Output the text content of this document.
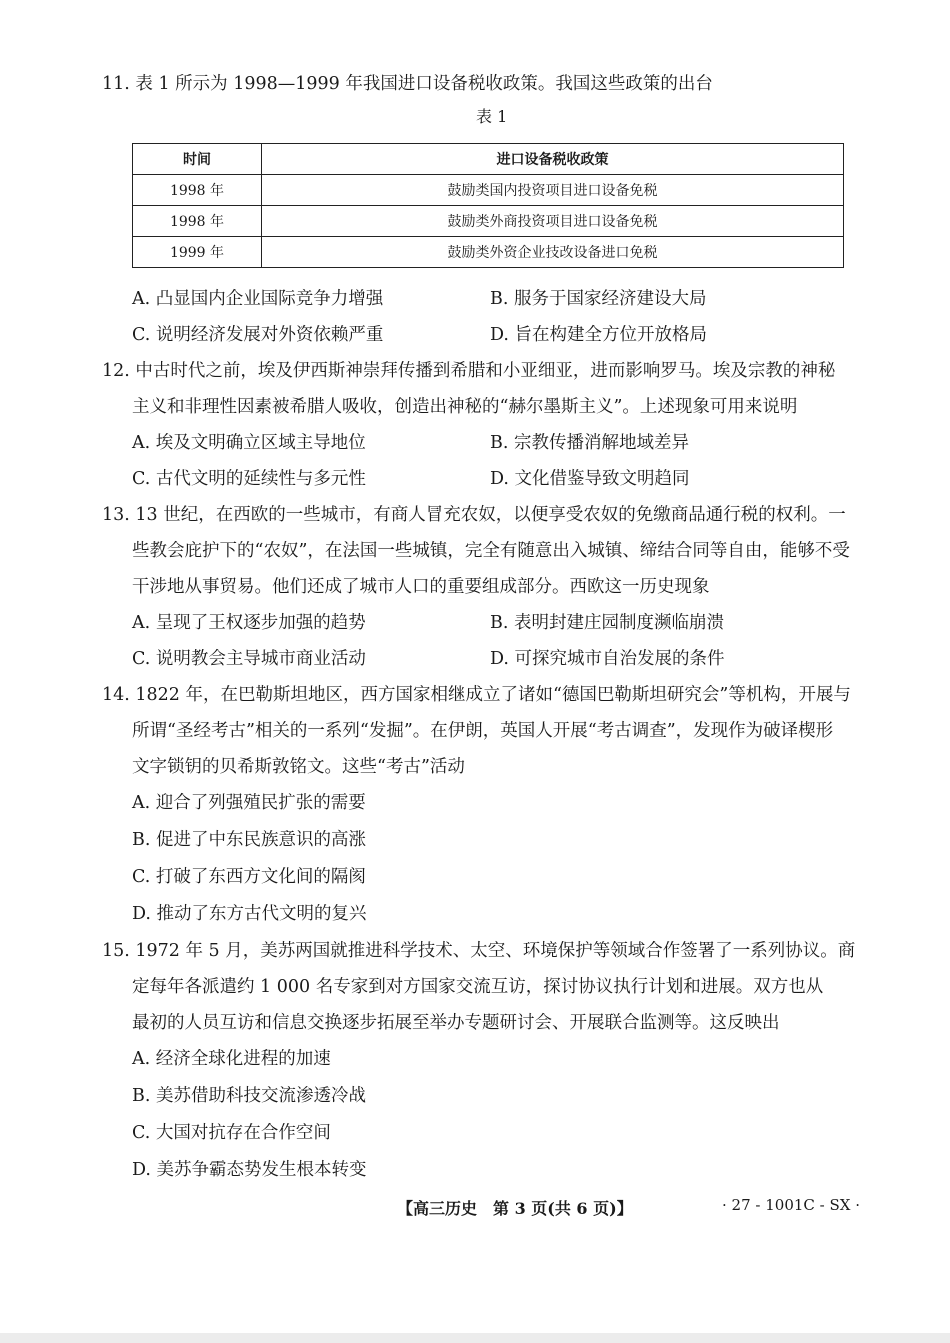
11. 表 1 所示为 1998—1999 年我国进口设备税收政策。我国这些政策的出台
表 1
时间	进口设备税收政策
1998 年	鼓励类国内投资项目进口设备免税
1998 年	鼓励类外商投资项目进口设备免税
1999 年	鼓励类外资企业技改设备进口免税
A. 凸显国内企业国际竞争力增强	B. 服务于国家经济建设大局
C. 说明经济发展对外资依赖严重	D. 旨在构建全方位开放格局
12. 中古时代之前，埃及伊西斯神崇拜传播到希腊和小亚细亚，进而影响罗马。埃及宗教的神秘
主义和非理性因素被希腊人吸收，创造出神秘的“赫尔墨斯主义”。上述现象可用来说明
A. 埃及文明确立区域主导地位	B. 宗教传播消解地域差异
C. 古代文明的延续性与多元性	D. 文化借鉴导致文明趋同
13. 13 世纪，在西欧的一些城市，有商人冒充农奴，以便享受农奴的免缴商品通行税的权利。一
些教会庇护下的“农奴”，在法国一些城镇，完全有随意出入城镇、缔结合同等自由，能够不受
干涉地从事贸易。他们还成了城市人口的重要组成部分。西欧这一历史现象
A. 呈现了王权逐步加强的趋势	B. 表明封建庄园制度濒临崩溃
C. 说明教会主导城市商业活动	D. 可探究城市自治发展的条件
14. 1822 年，在巴勒斯坦地区，西方国家相继成立了诸如“德国巴勒斯坦研究会”等机构，开展与
所谓“圣经考古”相关的一系列“发掘”。在伊朗，英国人开展“考古调查”，发现作为破译楔形
文字锁钥的贝希斯敦铭文。这些“考古”活动
A. 迎合了列强殖民扩张的需要
B. 促进了中东民族意识的高涨
C. 打破了东西方文化间的隔阂
D. 推动了东方古代文明的复兴
15. 1972 年 5 月，美苏两国就推进科学技术、太空、环境保护等领域合作签署了一系列协议。商
定每年各派遣约 1 000 名专家到对方国家交流互访，探讨协议执行计划和进展。双方也从
最初的人员互访和信息交换逐步拓展至举办专题研讨会、开展联合监测等。这反映出
A. 经济全球化进程的加速
B. 美苏借助科技交流渗透冷战
C. 大国对抗存在合作空间
D. 美苏争霸态势发生根本转变
【高三历史　第 3 页(共 6 页)】	· 27 - 1001C - SX ·
